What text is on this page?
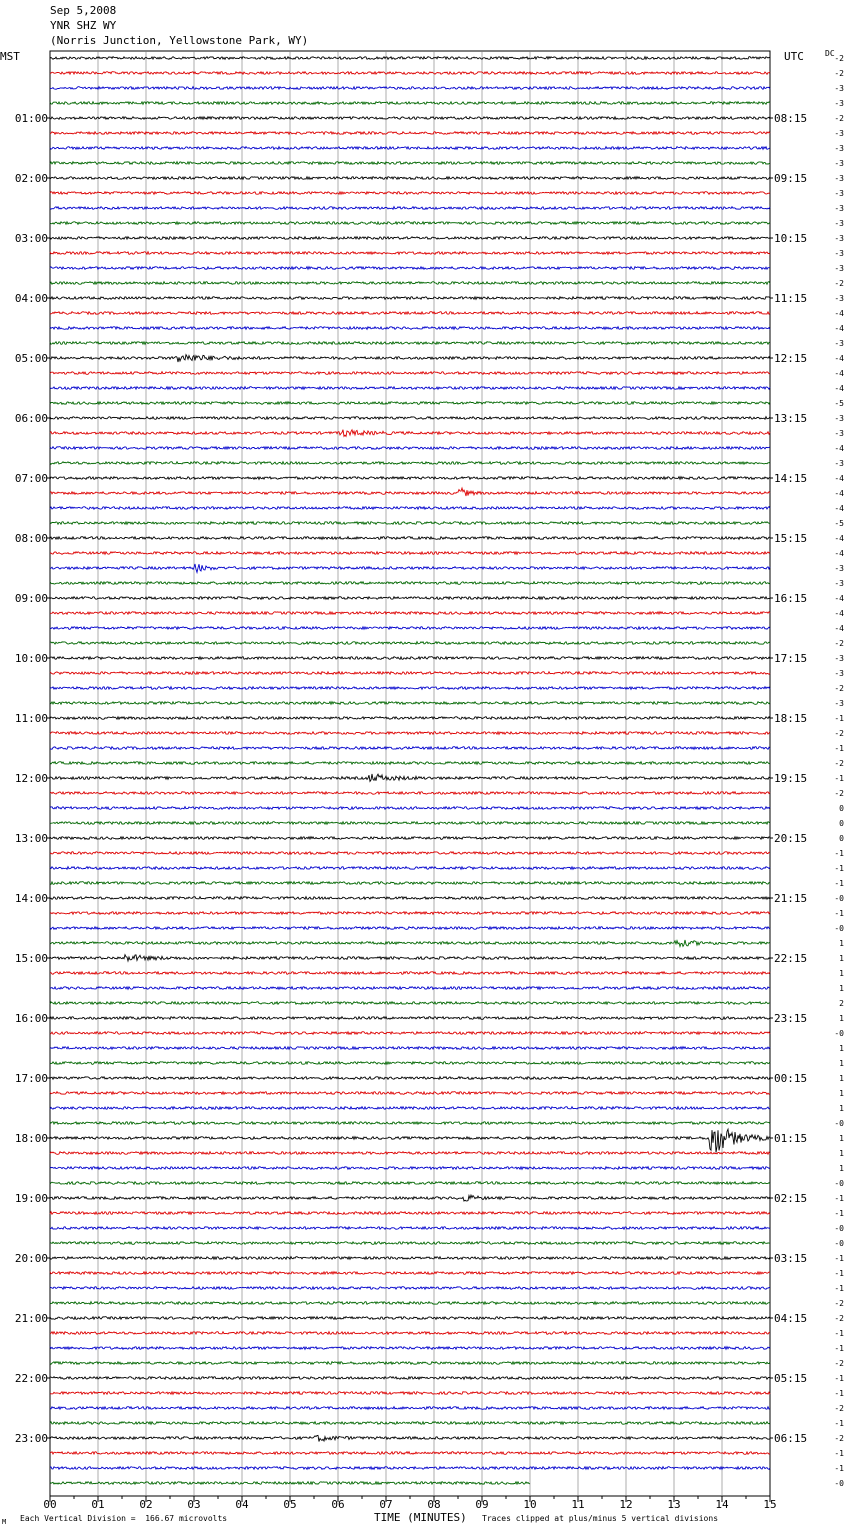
Sep 5,2008
YNR SHZ WY
(Norris Junction, Yellowstone Park, WY)
MST	UTC	DC
Each Vertical Division =  166.67 microvolts	TIME (MINUTES) Traces clipped at plus/minus 5 vertical divisions
M
00	01	02	03	04	05	06	07	08	09	10	11	12	13	14	15
-2
-2
-3
-3
-2
-3
-3
-3
-3
-3
-3
-3
-3
-3
-3
-2
-3
-4
-4
-3
-4
-4
-4
-5
-3
-3
-4
-3
-4
-4
-4
-5
-4
-4
-3
-3
-4
-4
-4
-2
-3
-3
-2
-3
-1
-2
-1
-2
-1
-2
0
0
0
-1
-1
-1
-0
-1
-0
1
1
1
1
2
1
-0
1
1
1
1
1
-0
1
1
1
-0
-1
-1
-0
-0
-1
-1
-1
-2
-2
-1
-1
-2
-1
-1
-2
-1
-2
-1
-1
-0
01:00
02:00
03:00
04:00
05:00
06:00
07:00
08:00
09:00
10:00
11:00
12:00
13:00
14:00
15:00
16:00
17:00
18:00
19:00
20:00
21:00
22:00
23:00
08:15
09:15
10:15
11:15
12:15
13:15
14:15
15:15
16:15
17:15
18:15
19:15
20:15
21:15
22:15
23:15
00:15
01:15
02:15
03:15
04:15
05:15
06:15
